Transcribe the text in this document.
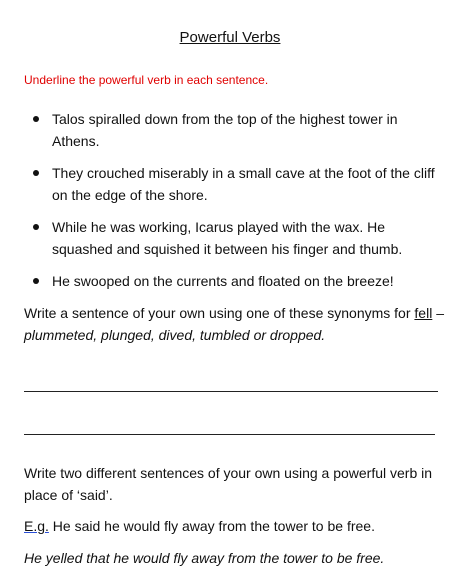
Powerful Verbs
Underline the powerful verb in each sentence.
Talos spiralled down from the top of the highest tower in Athens.
They crouched miserably in a small cave at the foot of the cliff on the edge of the shore.
While he was working, Icarus played with the wax. He squashed and squished it between his finger and thumb.
He swooped on the currents and floated on the breeze!
Write a sentence of your own using one of these synonyms for fell – plummeted, plunged, dived, tumbled or dropped.
Write two different sentences of your own using a powerful verb in place of ‘said’.
E.g. He said he would fly away from the tower to be free.
He yelled that he would fly away from the tower to be free.
